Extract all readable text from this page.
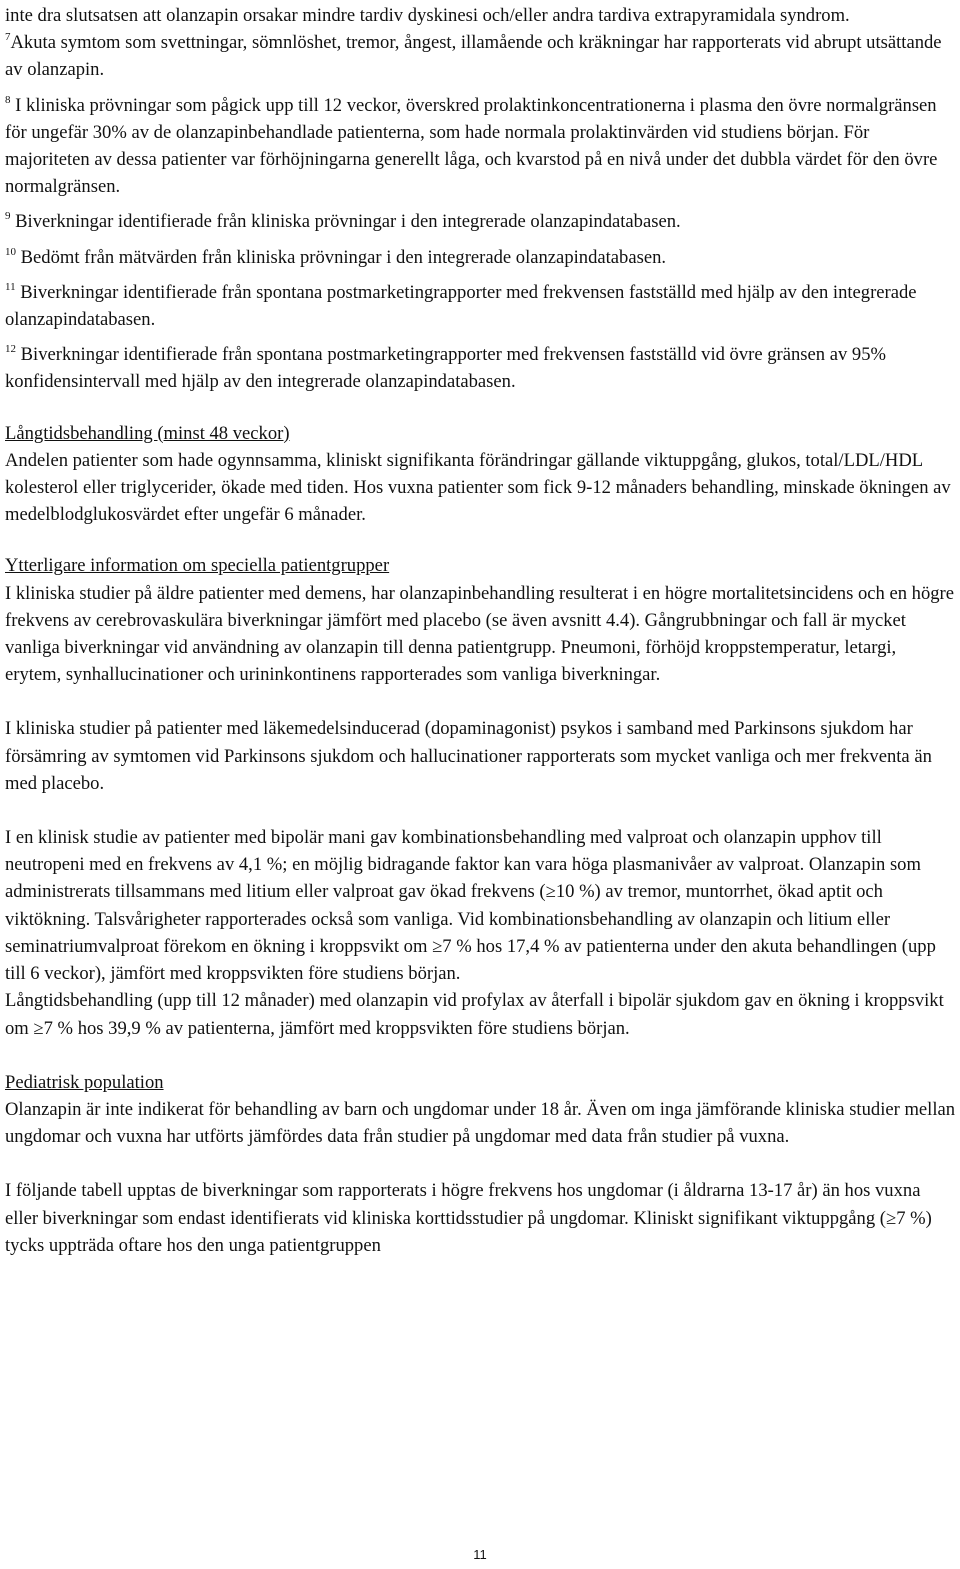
inte dra slutsatsen att olanzapin orsakar mindre tardiv dyskinesi och/eller andra tardiva extrapyramidala syndrom.

$^7$Akuta symtom som svettningar, sömnlöshet, tremor, ångest, illamående och kräkningar har rapporterats vid abrupt utsättande av olanzapin.

$^8$ I kliniska prövningar som pågick upp till 12 veckor, överskred prolaktinkoncentrationerna i plasma den övre normalgränsen för ungefär 30% av de olanzapinbehandlade patienterna, som hade normala prolaktinvärden vid studiens början. För majoriteten av dessa patienter var förhöjningarna generellt låga, och kvarstod på en nivå under det dubbla värdet för den övre normalgränsen.

$^9$ Biverkningar identifierade från kliniska prövningar i den integrerade olanzapindatabasen.

$^{10}$ Bedömt från mätvärden från kliniska prövningar i den integrerade olanzapindatabasen.

$^{11}$ Biverkningar identifierade från spontana postmarketingrapporter med frekvensen fastställd med hjälp av den integrerade olanzapindatabasen.

$^{12}$ Biverkningar identifierade från spontana postmarketingrapporter med frekvensen fastställd vid övre gränsen av 95% konfidensintervall med hjälp av den integrerade olanzapindatabasen.

Långtidsbehandling (minst 48 veckor)

Andelen patienter som hade ogynnsamma, kliniskt signifikanta förändringar gällande viktuppgång, glukos, total/LDL/HDL kolesterol eller triglycerider, ökade med tiden. Hos vuxna patienter som fick 9-12 månaders behandling, minskade ökningen av medelblodglukosvärdet efter ungefär 6 månader.

Ytterligare information om speciella patientgrupper

I kliniska studier på äldre patienter med demens, har olanzapinbehandling resulterat i en högre mortalitetsincidens och en högre frekvens av cerebrovaskulära biverkningar jämfört med placebo (se även avsnitt 4.4). Gångrubbningar och fall är mycket vanliga biverkningar vid användning av olanzapin till denna patientgrupp. Pneumoni, förhöjd kroppstemperatur, letargi, erytem, synhallucinationer och urininkontinens rapporterades som vanliga biverkningar.

I kliniska studier på patienter med läkemedelsinducerad (dopaminagonist) psykos i samband med Parkinsons sjukdom har försämring av symtomen vid Parkinsons sjukdom och hallucinationer rapporterats som mycket vanliga och mer frekventa än med placebo.

I en klinisk studie av patienter med bipolär mani gav kombinationsbehandling med valproat och olanzapin upphov till neutropeni med en frekvens av 4,1 %; en möjlig bidragande faktor kan vara höga plasmanivåer av valproat. Olanzapin som administrerats tillsammans med litium eller valproat gav ökad frekvens (≥10 %) av tremor, muntorrhet, ökad aptit och viktökning. Talsvårigheter rapporterades också som vanliga. Vid kombinationsbehandling av olanzapin och litium eller seminatriumvalproat förekom en ökning i kroppsvikt om ≥7 % hos 17,4 % av patienterna under den akuta behandlingen (upp till 6 veckor), jämfört med kroppsvikten före studiens början.

Långtidsbehandling (upp till 12 månader) med olanzapin vid profylax av återfall i bipolär sjukdom gav en ökning i kroppsvikt om ≥7 % hos 39,9 % av patienterna, jämfört med kroppsvikten före studiens början.

Pediatrisk population

Olanzapin är inte indikerat för behandling av barn och ungdomar under 18 år. Även om inga jämförande kliniska studier mellan ungdomar och vuxna har utförts jämfördes data från studier på ungdomar med data från studier på vuxna.

I följande tabell upptas de biverkningar som rapporterats i högre frekvens hos ungdomar (i åldrarna 13-17 år) än hos vuxna eller biverkningar som endast identifierats vid kliniska korttidsstudier på ungdomar. Kliniskt signifikant viktuppgång (≥7 %) tycks uppträda oftare hos den unga patientgruppen

11
